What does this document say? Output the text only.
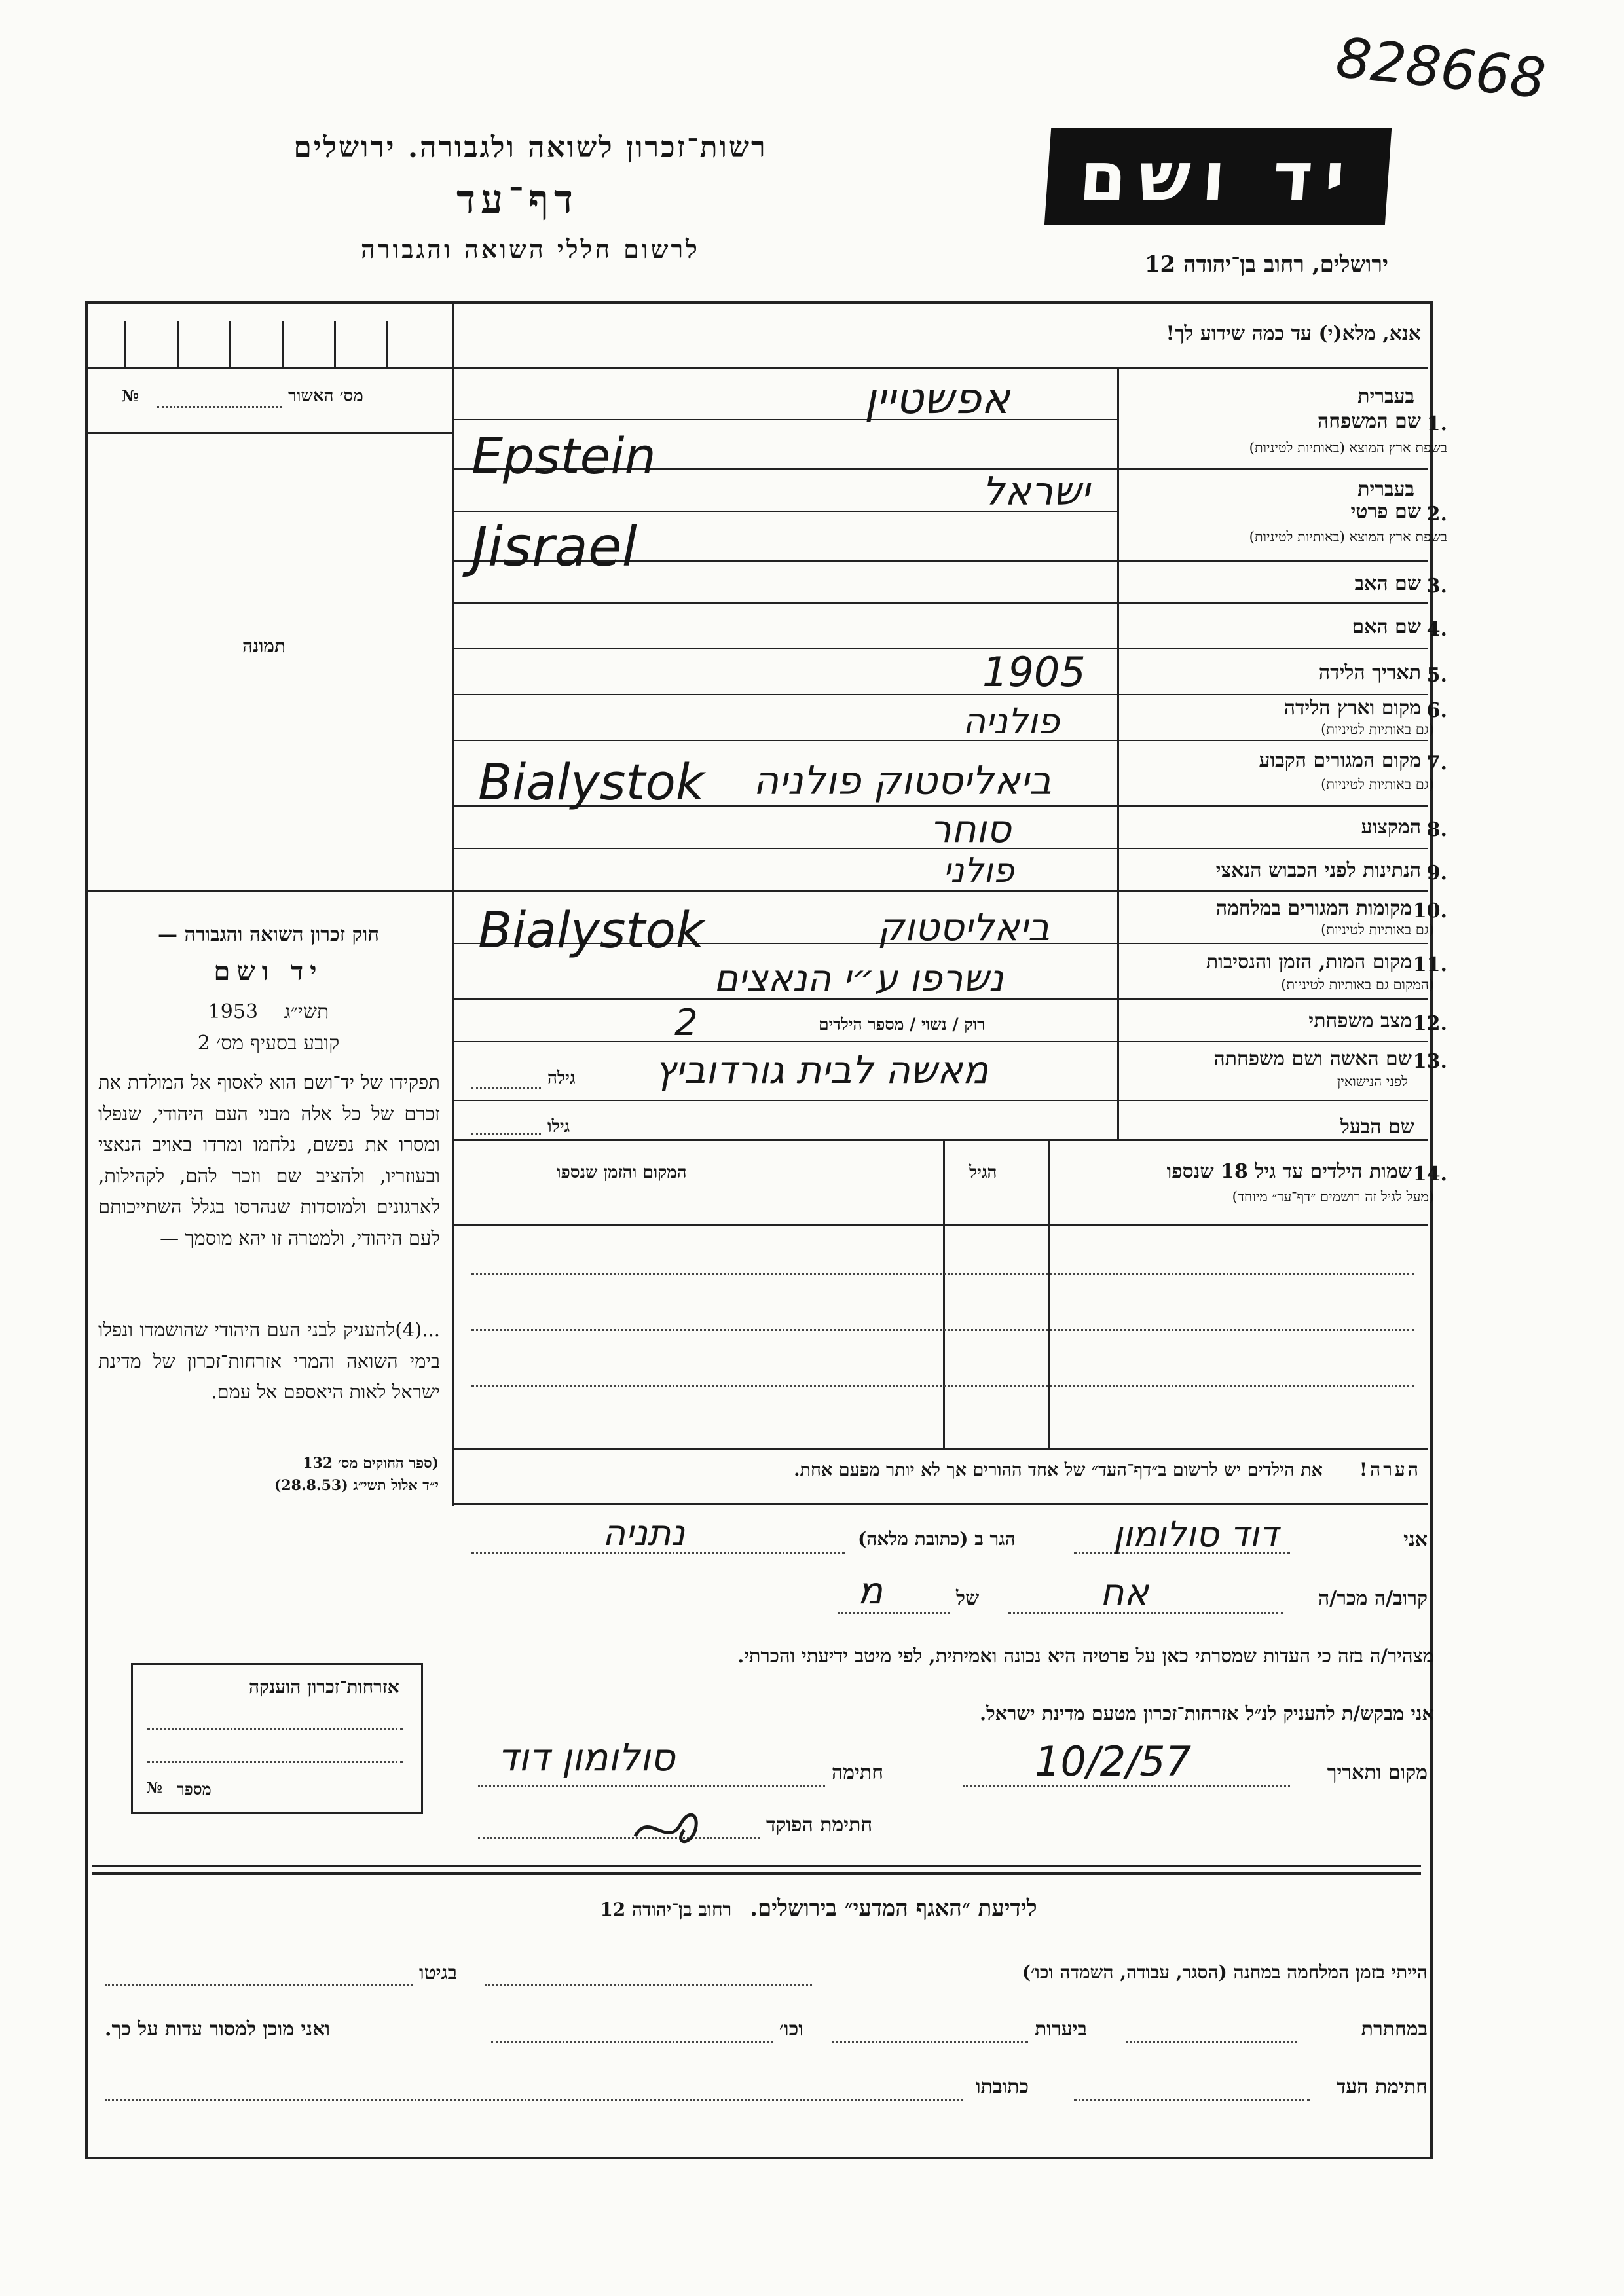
828668
רשות־זכרון לשואה ולגבורה. ירושלים
דף־עד
לרשום חללי השואה והגבורה
יד ושם
ירושלים, רחוב בן־יהודה 12
מס׳ האשור
№
תמונה
חוק זכרון השואה והגבורה —
יד ושם
תשי״ג 1953
קובע בסעיף מס׳ 2
תפקידו של יד־ושם הוא לאסוף אל המולדת את זכרם של כל אלה מבני העם היהודי, שנפלו ומסרו את נפשם, נלחמו ומרדו באויב הנאצי ובעוזריו, ולהציב שם וזכר להם, לקהילות, לארגונים ולמוסדות שנהרסו בגלל השתייכותם לעם היהודי, ולמטרה זו יהא מוסמך —
...(4)להעניק לבני העם היהודי שהושמדו ונפלו בימי השואה והמרי אזרחות־זכרון של מדינת ישראל לאות היאספם אל עמם.
(ספר החוקים מס׳ 132
י״ד אלול תשי״ג (28.8.53)
אזרחות־זכרון הוענקה
מספר
№
אנא, מלא(י) עד כמה שידוע לך!
בעברית
1.
שם המשפחה
בשפת ארץ המוצא (באותיות לטיניות)
אפשטיין
Epstein
בעברית
2.
שם פרטי
בשפת ארץ המוצא (באותיות לטיניות)
ישראל
Jisrael
3.
שם האב
4.
שם האם
5.
תאריך הלידה
1905
6.
מקום וארץ הלידה
(גם באותיות לטיניות)
פולניה
7.
מקום המגורים הקבוע
(גם באותיות לטיניות)
ביאליסטוק פולניה
Bialystok
8.
המקצוע
סוחר
9.
הנתינות לפני הכבוש הנאצי
פולני
10.
מקומות המגורים במלחמה
(גם באותיות לטיניות)
ביאליסטוק
Bialystok
11.
מקום המות, הזמן והנסיבות
(המקום גם באותיות לטיניות)
נשרפו ע״י הנאצים
12.
מצב משפחתי
רוק / נשוי / מספר הילדים
2
13.
שם האשה ושם משפחתה
לפני הנישואין
מאשה לבית גורדוביץ
גילה
שם הבעל
גילו
14.
שמות הילדים עד גיל 18 שנספו
(מעל לגיל זה רושמים ״דף־עד״ מיוחד)
הגיל
המקום והזמן שנספו
הערה!
את הילדים יש לרשום ב״דף־העד״ של אחד ההורים אך לא יותר מפעם אחת.
אני
דוד סולומון
הגר ב (כתובת מלאה)
נתניה
קרוב/ה מכר/ה
אח
של
מ
מצהיר/ה בזה כי העדות שמסרתי כאן על פרטיה היא נכונה ואמיתית, לפי מיטב ידיעתי והכרתי.
אני מבקש/ת להעניק לנ״ל אזרחות־זכרון מטעם מדינת ישראל.
מקום ותאריך
10/2/57
חתימה
סולומון דוד
חתימת הפוקד
לידיעת ״האגף המדעי״ בירושלים. רחוב בן־יהודה 12
הייתי בזמן המלחמה במחנה (הסגר, עבודה, השמדה וכו׳)
בגיטו
במחתרת
ביערות
וכו׳
ואני מוכן למסור עדות על כך.
חתימת העד
כתובתו
